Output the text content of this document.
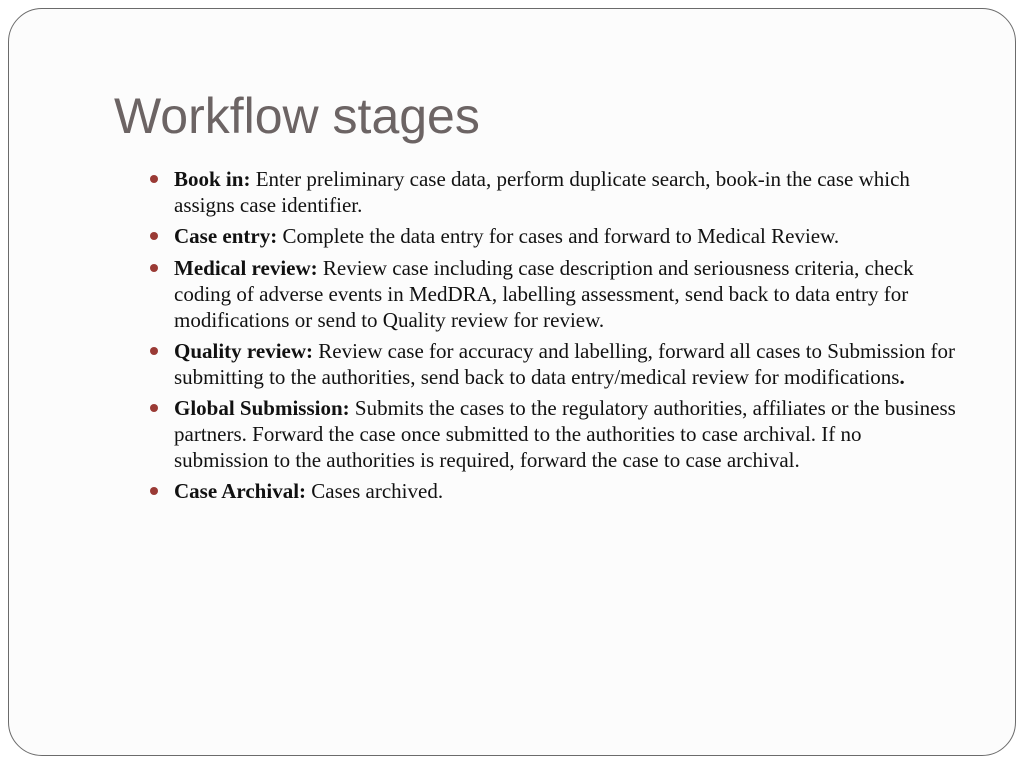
Workflow stages
Book in: Enter preliminary case data, perform duplicate search, book-in the case which assigns case identifier.
Case entry: Complete the data entry for cases and forward to Medical Review.
Medical review: Review case including case description and seriousness criteria, check coding of adverse events in MedDRA, labelling assessment, send back to data entry for modifications or send to Quality review for review.
Quality review: Review case for accuracy and labelling, forward all cases to Submission for submitting to the authorities, send back to data entry/medical review for modifications.
Global Submission: Submits the cases to the regulatory authorities, affiliates or the business partners. Forward the case once submitted to the authorities to case archival. If no submission to the authorities is required, forward the case to case archival.
Case Archival: Cases archived.
